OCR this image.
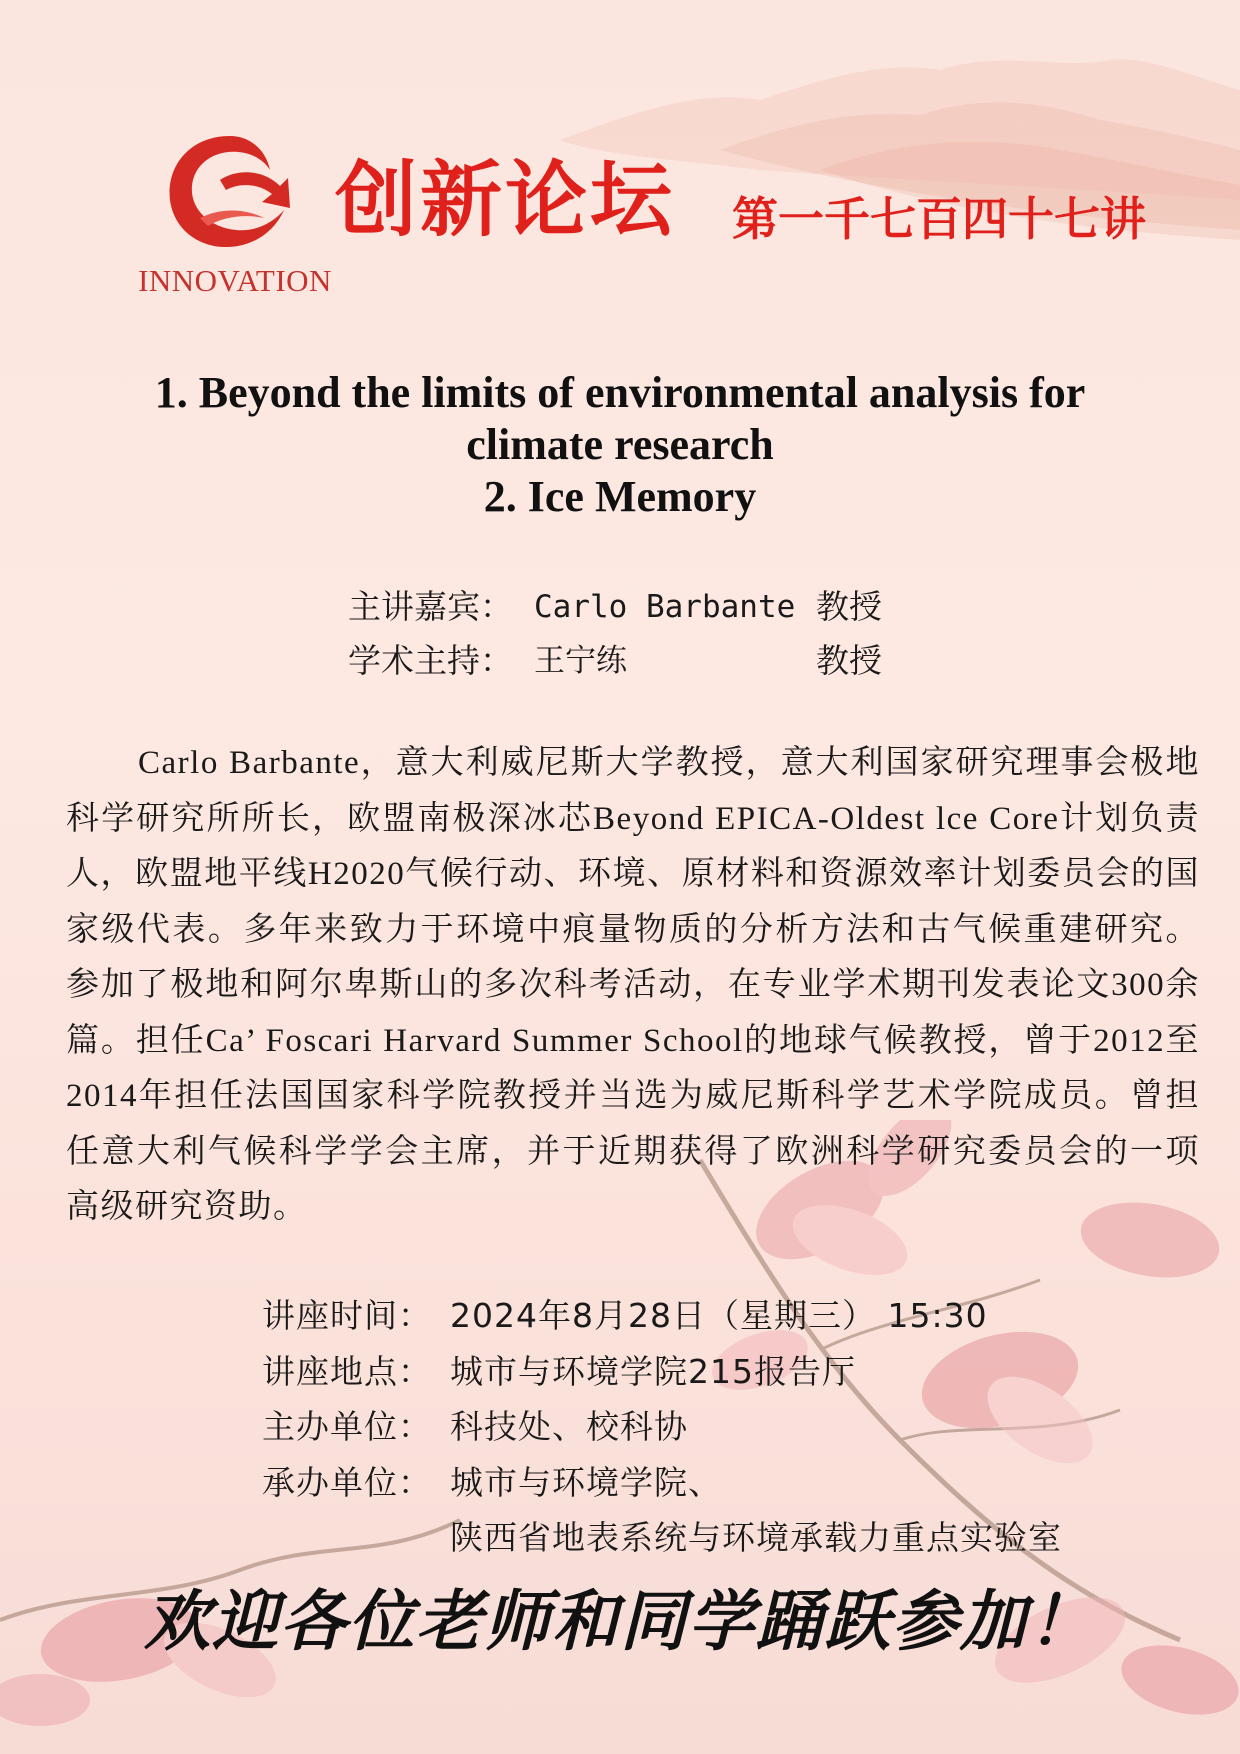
INNOVATION
创新论坛 第一千七百四十七讲
1. Beyond the limits of environmental analysis for
climate research
2. Ice Memory
主讲嘉宾： Carlo Barbante 教授
学术主持： 王宁练	教授

Carlo Barbante，意大利威尼斯大学教授，意大利国家研究理事会极地科学研究所所长，欧盟南极深冰芯Beyond EPICA-Oldest lce Core计划负责人，欧盟地平线H2020气候行动、环境、原材料和资源效率计划委员会的国家级代表。多年来致力于环境中痕量物质的分析方法和古气候重建研究。参加了极地和阿尔卑斯山的多次科考活动，在专业学术期刊发表论文300余篇。担任Ca’ Foscari Harvard Summer School的地球气候教授，曾于2012至2014年担任法国国家科学院教授并当选为威尼斯科学艺术学院成员。曾担任意大利气候科学学会主席，并于近期获得了欧洲科学研究委员会的一项高级研究资助。

讲座时间： 2024年8月28日（星期三） 15:30
讲座地点： 城市与环境学院215报告厅
主办单位： 科技处、校科协
承办单位： 城市与环境学院、
陕西省地表系统与环境承载力重点实验室
欢迎各位老师和同学踊跃参加！
